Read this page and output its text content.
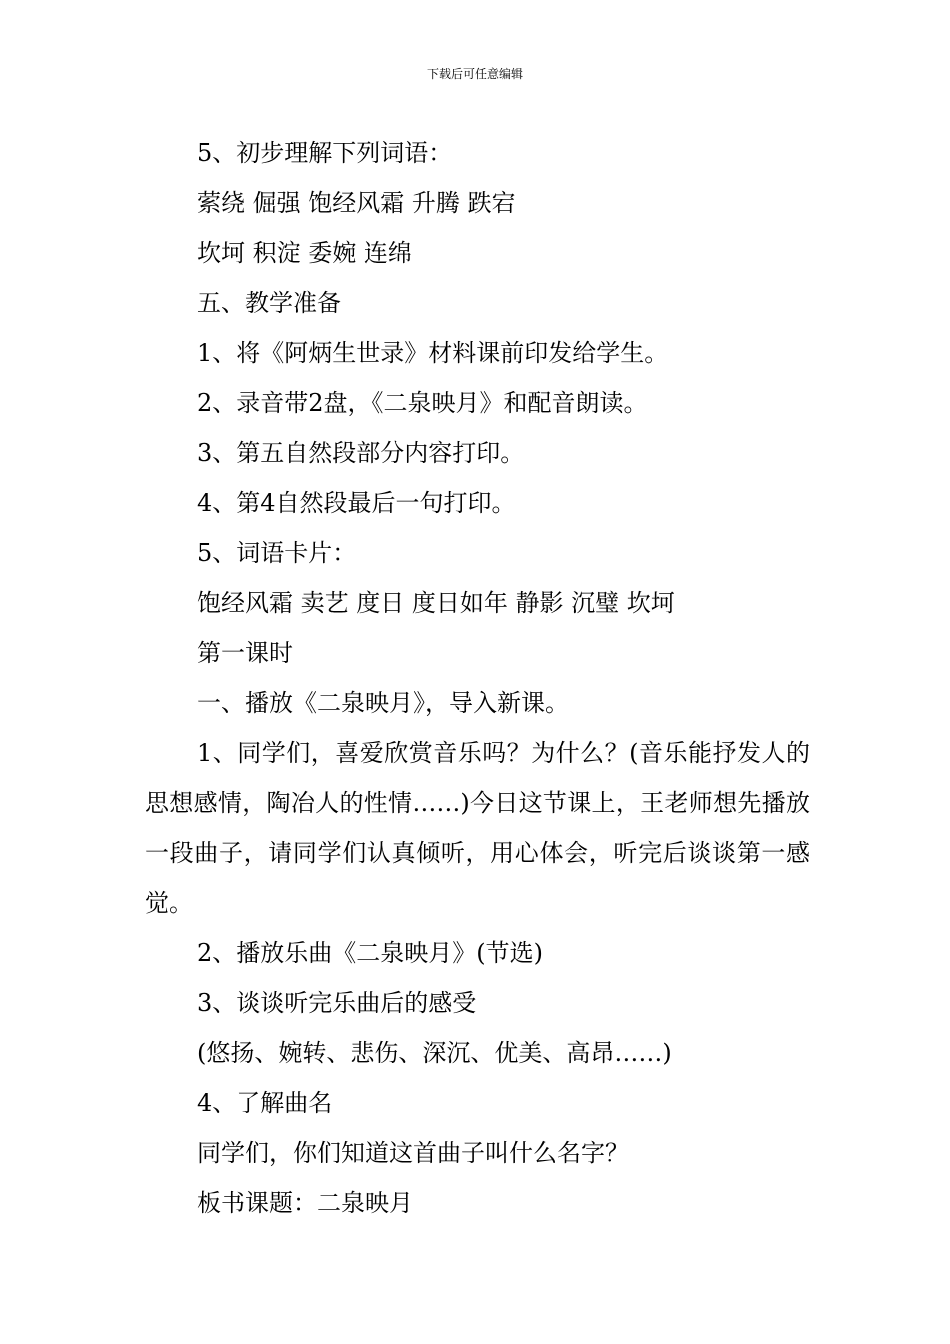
下载后可任意编辑
5、初步理解下列词语：
萦绕 倔强 饱经风霜 升腾 跌宕
坎坷 积淀 委婉 连绵
五、教学准备
1、将《阿炳生世录》材料课前印发给学生。
2、录音带2盘，《二泉映月》和配音朗读。
3、第五自然段部分内容打印。
4、第4自然段最后一句打印。
5、词语卡片：
饱经风霜 卖艺 度日 度日如年 静影 沉璧 坎坷
第一课时
一、播放《二泉映月》，导入新课。

1、同学们，喜爱欣赏音乐吗？为什么？(音乐能抒发人的思想感情，陶冶人的性情……)今日这节课上，王老师想先播放一段曲子，请同学们认真倾听，用心体会，听完后谈谈第一感觉。

2、播放乐曲《二泉映月》(节选)
3、谈谈听完乐曲后的感受
(悠扬、婉转、悲伤、深沉、优美、高昂……)
4、了解曲名
同学们，你们知道这首曲子叫什么名字？
板书课题：二泉映月
